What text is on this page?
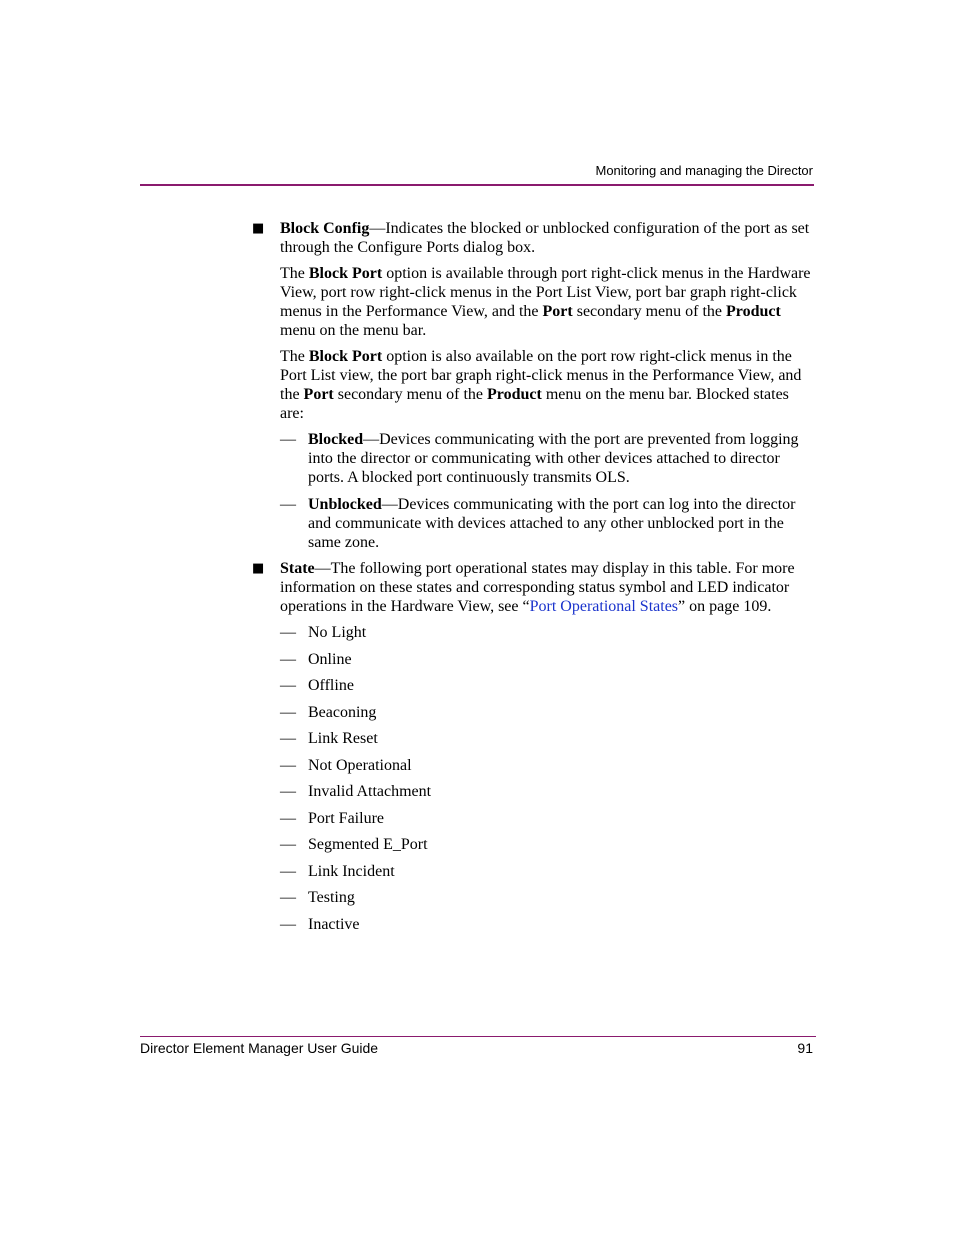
Monitoring and managing the Director
■ Block Config—Indicates the blocked or unblocked configuration of the port as set through the Configure Ports dialog box.
The Block Port option is available through port right-click menus in the Hardware View, port row right-click menus in the Port List View, port bar graph right-click menus in the Performance View, and the Port secondary menu of the Product menu on the menu bar.
The Block Port option is also available on the port row right-click menus in the Port List view, the port bar graph right-click menus in the Performance View, and the Port secondary menu of the Product menu on the menu bar. Blocked states are:
— Blocked—Devices communicating with the port are prevented from logging into the director or communicating with other devices attached to director ports. A blocked port continuously transmits OLS.
— Unblocked—Devices communicating with the port can log into the director and communicate with devices attached to any other unblocked port in the same zone.
■ State—The following port operational states may display in this table. For more information on these states and corresponding status symbol and LED indicator operations in the Hardware View, see “Port Operational States” on page 109.
— No Light
— Online
— Offline
— Beaconing
— Link Reset
— Not Operational
— Invalid Attachment
— Port Failure
— Segmented E_Port
— Link Incident
— Testing
— Inactive
Director Element Manager User Guide	91
